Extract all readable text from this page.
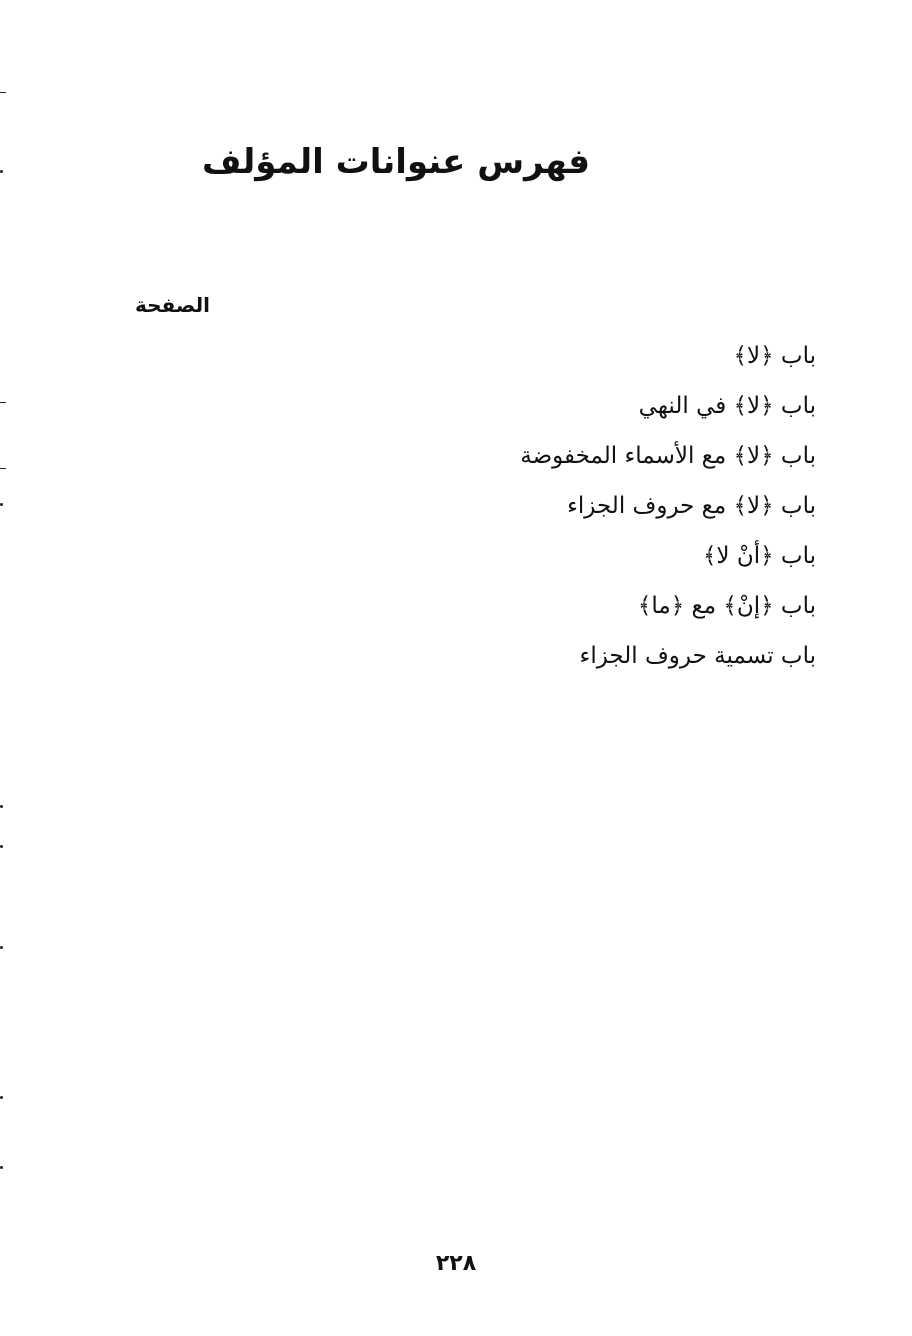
فهرس عنوانات المؤلف
الصفحة
باب ﴿لا﴾
باب ﴿لا﴾ في النهي
باب ﴿لا﴾ مع الأسماء المخفوضة
باب ﴿لا﴾ مع حروف الجزاء
باب ﴿أنْ لا﴾
باب ﴿إنْ﴾ مع ﴿ما﴾
باب تسمية حروف الجزاء
٢٢٨
